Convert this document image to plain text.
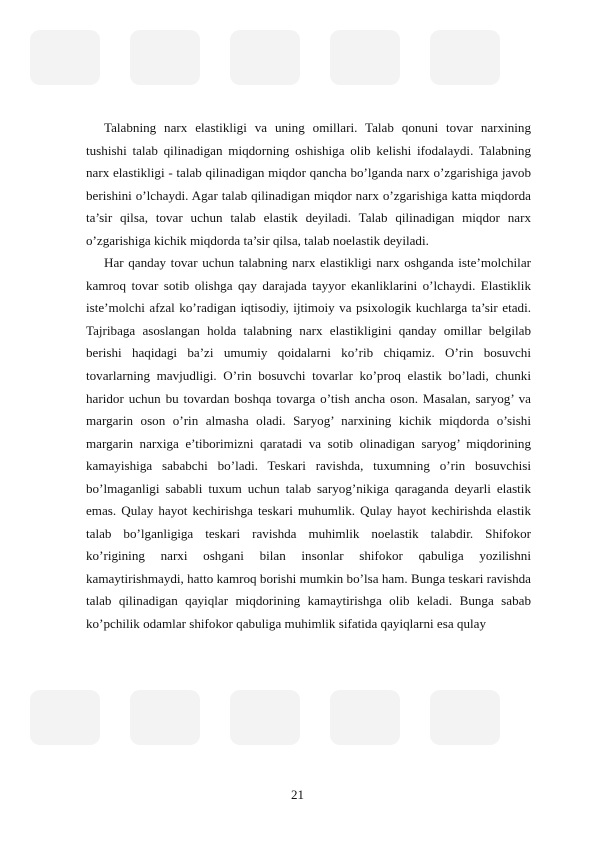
Talabning narx elastikligi va uning omillari. Talab qonuni tovar narxining tushishi talab qilinadigan miqdorning oshishiga olib kelishi ifodalaydi. Talabning narx elastikligi - talab qilinadigan miqdor qancha bo’lganda narx o’zgarishiga javob berishini o’lchaydi. Agar talab qilinadigan miqdor narx o’zgarishiga katta miqdorda ta’sir qilsa, tovar uchun talab elastik deyiladi. Talab qilinadigan miqdor narx o’zgarishiga kichik miqdorda ta’sir qilsa, talab noelastik deyiladi.

Har qanday tovar uchun talabning narx elastikligi narx oshganda iste’molchilar kamroq tovar sotib olishga qay darajada tayyor ekanliklarini o’lchaydi. Elastiklik iste’molchi afzal ko’radigan iqtisodiy, ijtimoiy va psixologik kuchlarga ta’sir etadi. Tajribaga asoslangan holda talabning narx elastikligini qanday omillar belgilab berishi haqidagi ba’zi umumiy qoidalarni ko’rib chiqamiz. O’rin bosuvchi tovarlarning mavjudligi. O’rin bosuvchi tovarlar ko’proq elastik bo’ladi, chunki haridor uchun bu tovardan boshqa tovarga o’tish ancha oson. Masalan, saryog’ va margarin oson o’rin almasha oladi. Saryog’ narxining kichik miqdorda o’sishi margarin narxiga e’tiborimizni qaratadi va sotib olinadigan saryog’ miqdorining kamayishiga sababchi bo’ladi. Teskari ravishda, tuxumning o’rin bosuvchisi bo’lmaganligi sababli tuxum uchun talab saryog’nikiga qaraganda deyarli elastik emas. Qulay hayot kechirishga teskari muhumlik. Qulay hayot kechirishda elastik talab bo’lganligiga teskari ravishda muhimlik noelastik talabdir. Shifokor ko’rigining narxi oshgani bilan insonlar shifokor qabuliga yozilishni kamaytirishmaydi, hatto kamroq borishi mumkin bo’lsa ham. Bunga teskari ravishda talab qilinadigan qayiqlar miqdorining kamaytirishga olib keladi. Bunga sabab ko’pchilik odamlar shifokor qabuliga muhimlik sifatida qayiqlarni esa qulay

21
